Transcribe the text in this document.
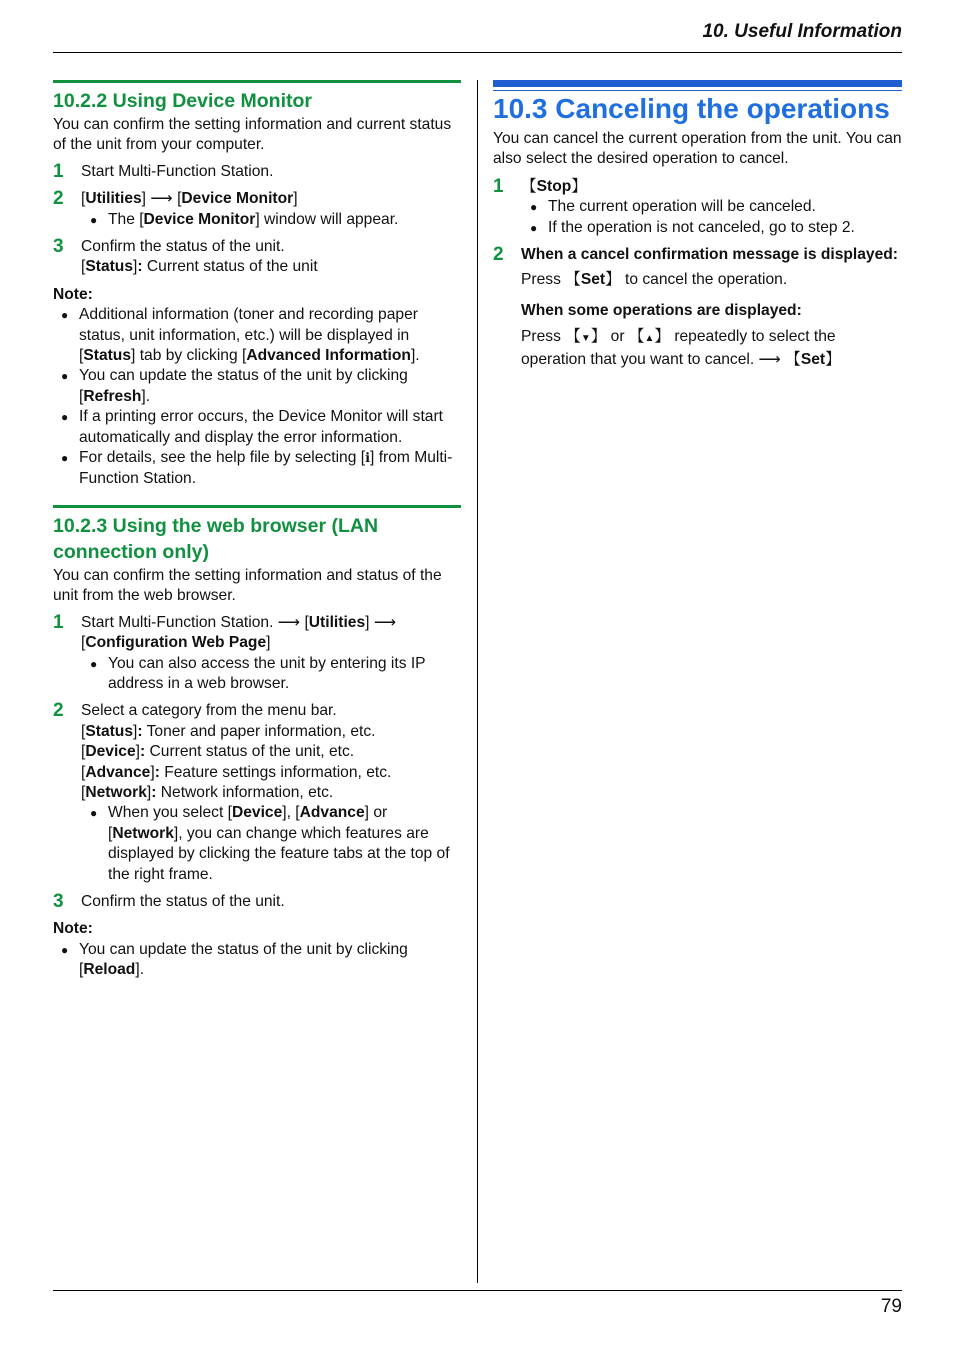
10. Useful Information
10.2.2 Using Device Monitor

You can confirm the setting information and current status of the unit from your computer.

1 Start Multi-Function Station.
2 [Utilities] ⟶ [Device Monitor]
● The [Device Monitor] window will appear.
3 Confirm the status of the unit.
[Status]: Current status of the unit
Note:
● Additional information (toner and recording paper status, unit information, etc.) will be displayed in [Status] tab by clicking [Advanced Information].
● You can update the status of the unit by clicking [Refresh].
● If a printing error occurs, the Device Monitor will start automatically and display the error information.
● For details, see the help file by selecting [ℹ] from Multi-Function Station.
10.2.3 Using the web browser (LAN connection only)

You can confirm the setting information and status of the unit from the web browser.

1 Start Multi-Function Station. ⟶ [Utilities] ⟶
[Configuration Web Page]
● You can also access the unit by entering its IP address in a web browser.
2 Select a category from the menu bar.
[Status]: Toner and paper information, etc.
[Device]: Current status of the unit, etc.
[Advance]: Feature settings information, etc.
[Network]: Network information, etc.
● When you select [Device], [Advance] or [Network], you can change which features are displayed by clicking the feature tabs at the top of the right frame.
3 Confirm the status of the unit.
Note:
● You can update the status of the unit by clicking [Reload].
10.3 Canceling the operations

You can cancel the current operation from the unit. You can also select the desired operation to cancel.

1 【Stop】
● The current operation will be canceled.
● If the operation is not canceled, go to step 2.
2 When a cancel confirmation message is displayed:
Press 【Set】 to cancel the operation.
When some operations are displayed:
Press 【▼】 or 【▲】 repeatedly to select the operation that you want to cancel. ⟶ 【Set】
79
